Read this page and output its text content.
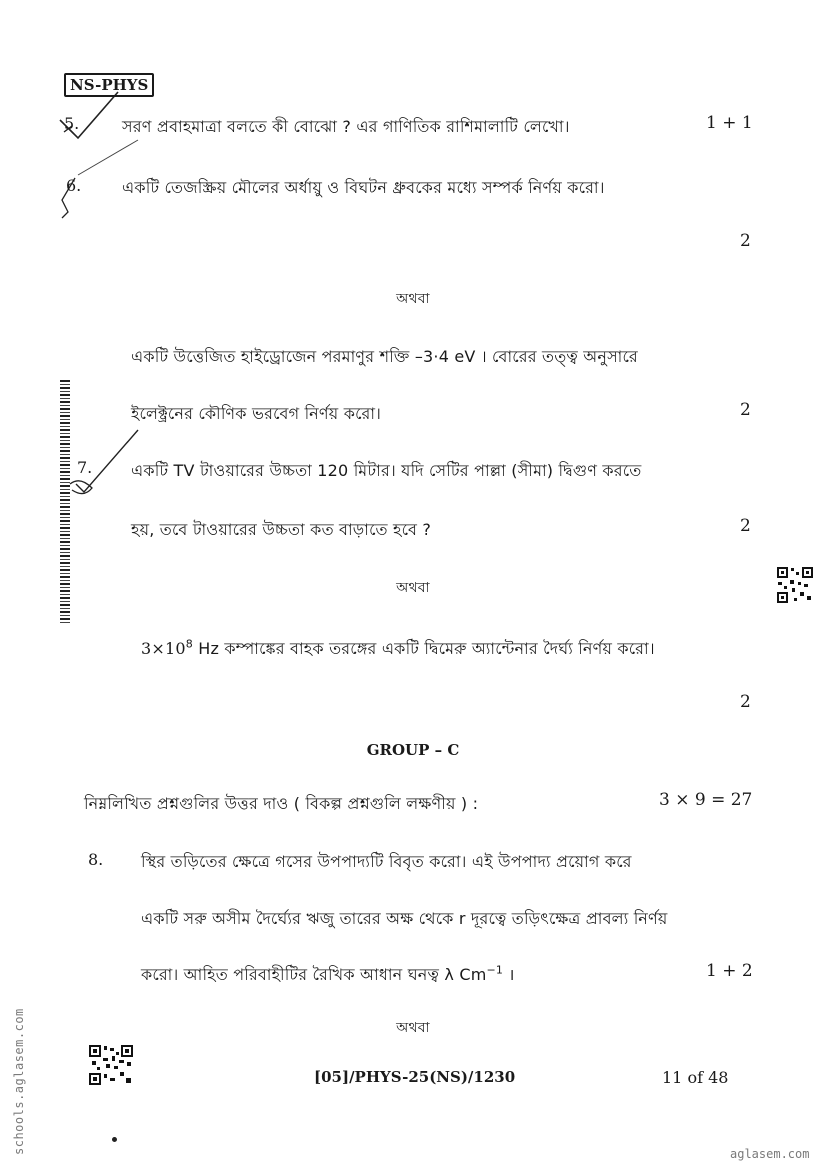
NS-PHYS
5.	সরণ প্রবাহমাত্রা বলতে কী বোঝো ? এর গাণিতিক রাশিমালাটি লেখো।	1 + 1
6.	একটি তেজস্ক্রিয় মৌলের অর্ধায়ু ও বিঘটন ধ্রুবকের মধ্যে সম্পর্ক নির্ণয় করো।
2
অথবা
একটি উত্তেজিত হাইড্রোজেন পরমাণুর শক্তি –3·4 eV । বোরের তত্ত্ব অনুসারে
ইলেক্ট্রনের কৌণিক ভরবেগ নির্ণয় করো।	2
7. একটি TV টাওয়ারের উচ্চতা 120 মিটার। যদি সেটির পাল্লা (সীমা) দ্বিগুণ করতে
হয়, তবে টাওয়ারের উচ্চতা কত বাড়াতে হবে ?	2
অথবা
$3\times 10^8$ Hz কম্পাঙ্কের বাহক তরঙ্গের একটি দ্বিমেরু অ্যান্টেনার দৈর্ঘ্য নির্ণয় করো।
2
GROUP – C
নিম্নলিখিত প্রশ্নগুলির উত্তর দাও ( বিকল্প প্রশ্নগুলি লক্ষণীয় ) :	3 × 9 = 27
8. স্থির তড়িতের ক্ষেত্রে গসের উপপাদ্যটি বিবৃত করো। এই উপপাদ্য প্রয়োগ করে
একটি সরু অসীম দৈর্ঘ্যের ঋজু তারের অক্ষ থেকে r দূরত্বে তড়িৎক্ষেত্র প্রাবল্য নির্ণয়
করো। আহিত পরিবাহীটির রৈখিক আধান ঘনত্ব λ $Cm^{-1}$ ।	1 + 2
অথবা
[05]/PHYS-25(NS)/1230	11 of 48
schools.aglasem.com	aglasem.com
